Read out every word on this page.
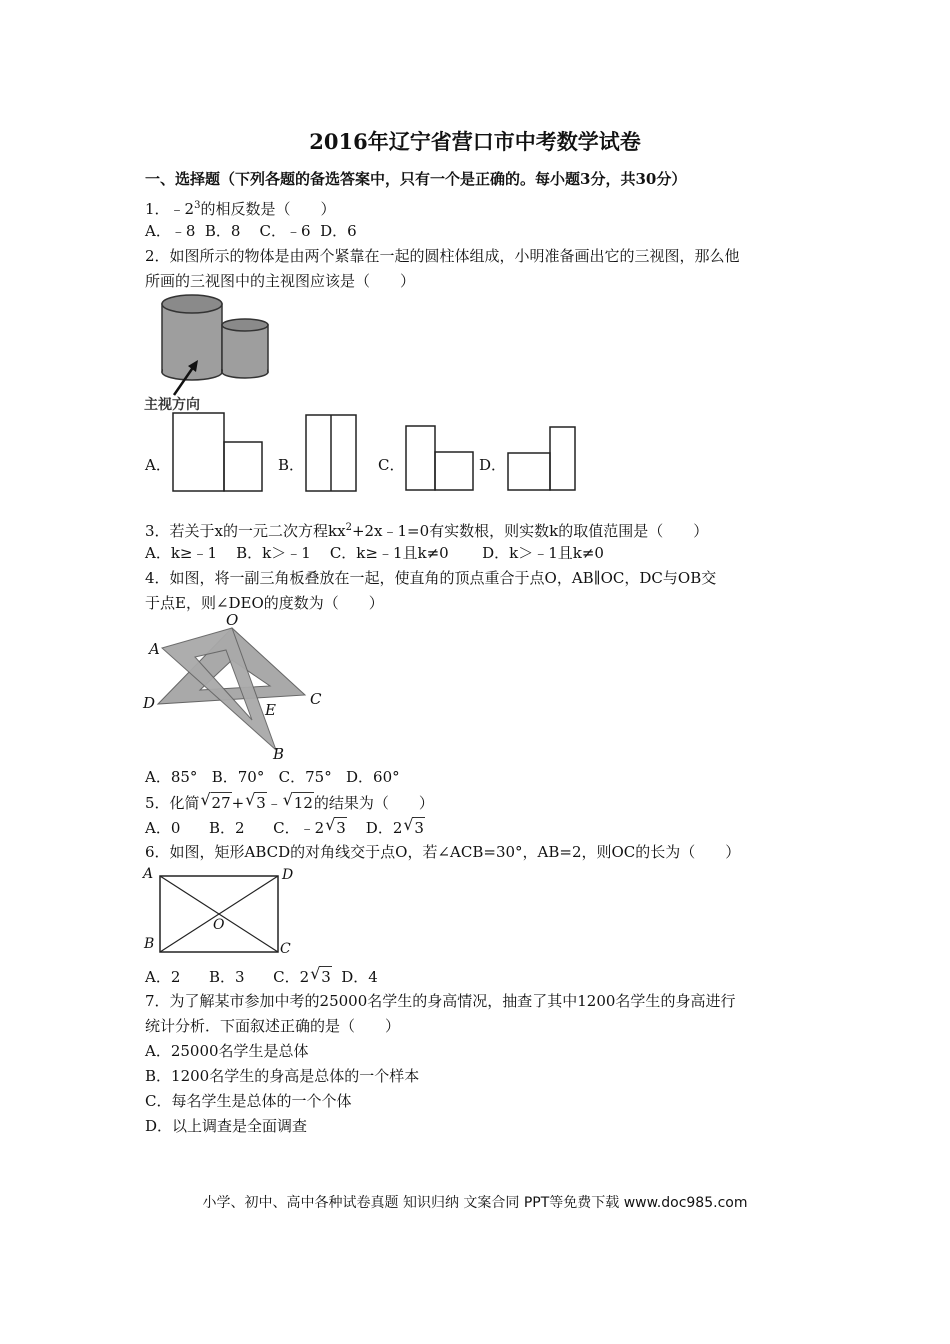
2016年辽宁省营口市中考数学试卷
一、选择题（下列各题的备选答案中，只有一个是正确的。每小题3分，共30分）
1．$﹣2^3$的相反数是（　　）
A．﹣8  B．8    C．﹣6  D．6
2．如图所示的物体是由两个紧靠在一起的圆柱体组成，小明准备画出它的三视图，那么他
所画的三视图中的主视图应该是（　　）
主视方向
A．	B．	C．	D．
3．若关于x的一元二次方程$kx^2+2x﹣1=0$有实数根，则实数k的取值范围是（　　）
A．k≥﹣1    B．k＞﹣1    C．k≥﹣1且k≠0       D．k＞﹣1且k≠0
4．如图，将一副三角板叠放在一起，使直角的顶点重合于点O，AB∥OC，DC与OB交
于点E，则∠DEO的度数为（　　）
O
A
D	C
E
B
A．85°   B．70°   C．75°   D．60°
5．化简 √ 27+ √ 3﹣ √ 12的结果为（　　）
A．0      B．2      C．﹣2 √ 3    D．2 √ 3
6．如图，矩形ABCD的对角线交于点O，若∠ACB=30°，AB=2，则OC的长为（　　）
A	D
B	C
O
A．2      B．3      C．2 √ 3  D．4
7．为了解某市参加中考的25000名学生的身高情况，抽查了其中1200名学生的身高进行
统计分析．下面叙述正确的是（　　）
A．25000名学生是总体
B．1200名学生的身高是总体的一个样本
C．每名学生是总体的一个个体
D．以上调查是全面调查
小学、初中、高中各种试卷真题 知识归纳 文案合同 PPT等免费下载 www.doc985.com
